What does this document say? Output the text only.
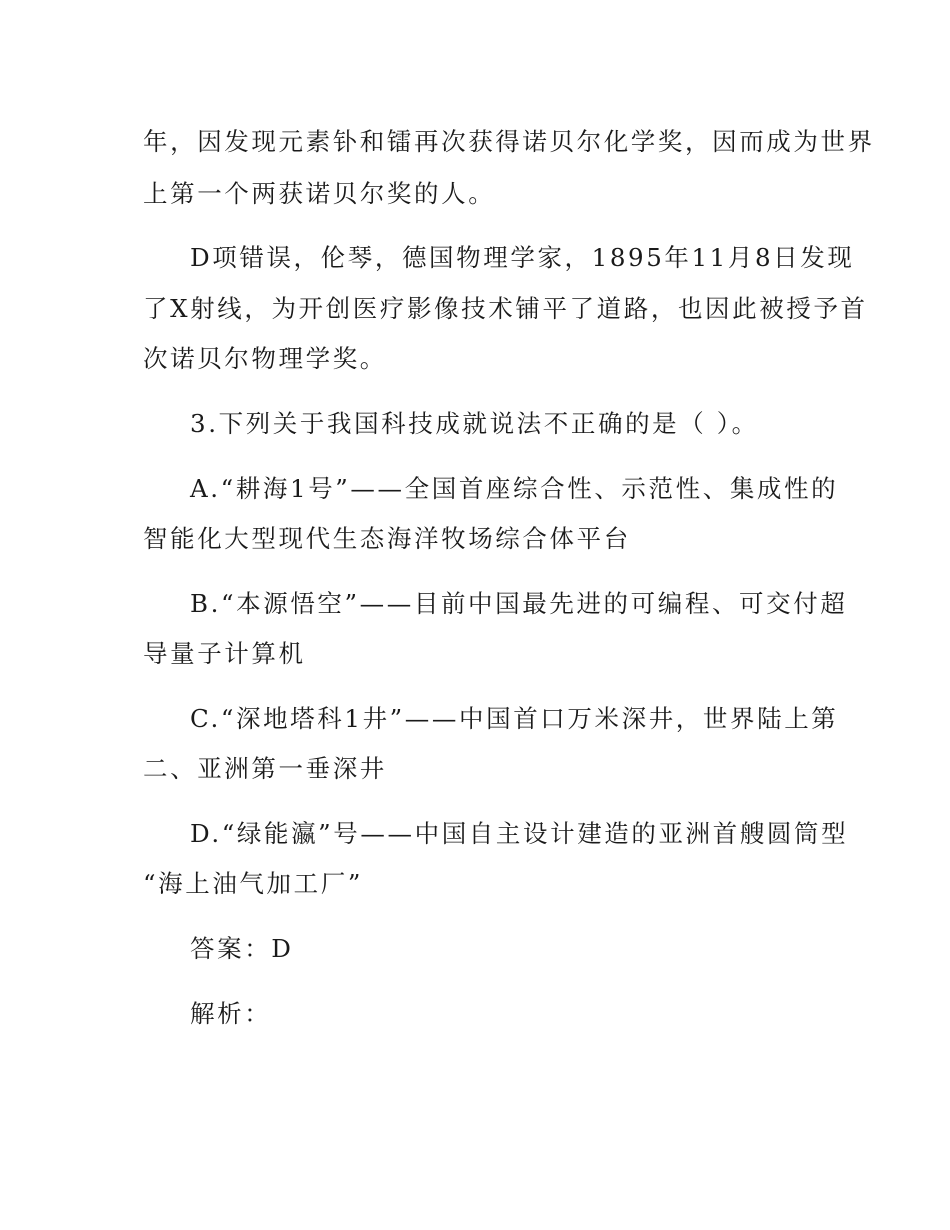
年，因发现元素钋和镭再次获得诺贝尔化学奖，因而成为世界

上第一个两获诺贝尔奖的人。

D项错误，伦琴，德国物理学家，1895年11月8日发现

了X射线，为开创医疗影像技术铺平了道路，也因此被授予首

次诺贝尔物理学奖。

3.下列关于我国科技成就说法不正确的是（ ）。

A.“耕海1号”——全国首座综合性、示范性、集成性的

智能化大型现代生态海洋牧场综合体平台

B.“本源悟空”——目前中国最先进的可编程、可交付超

导量子计算机

C.“深地塔科1井”——中国首口万米深井，世界陆上第

二、亚洲第一垂深井

D.“绿能瀛”号——中国自主设计建造的亚洲首艘圆筒型

“海上油气加工厂”

答案：D

解析：
